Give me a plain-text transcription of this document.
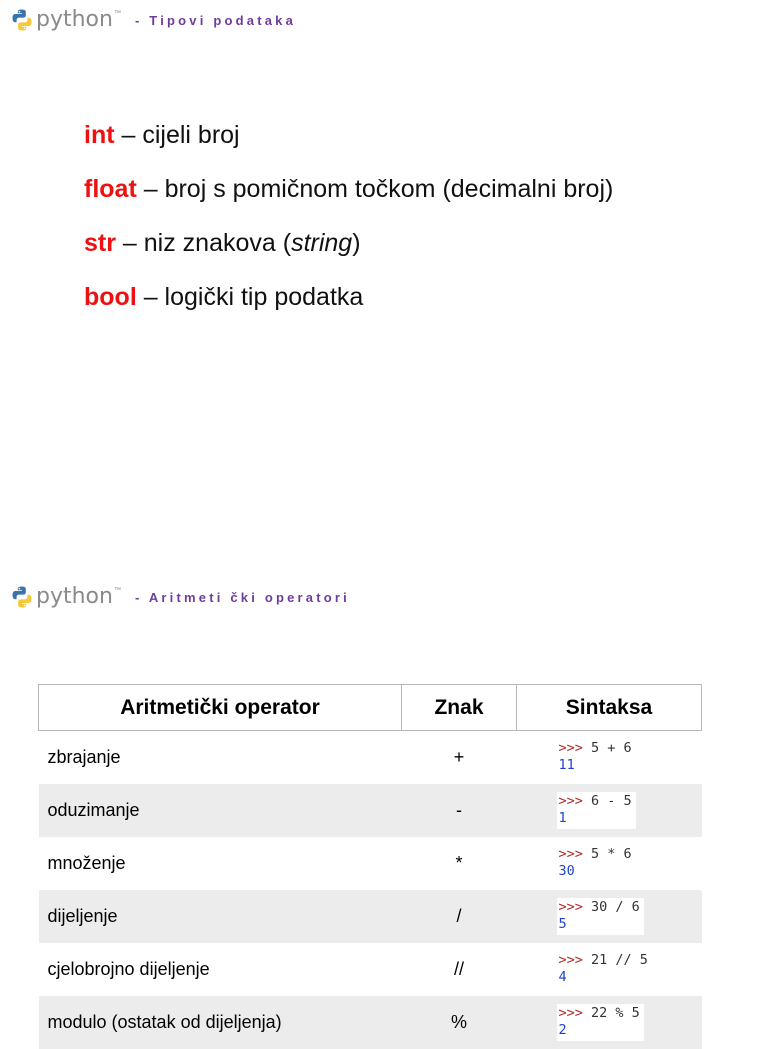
python ™ - Tipovi podataka
int – cijeli broj
float – broj s pomičnom točkom (decimalni broj)
str – niz znakova (string)
bool – logički tip podatka
python ™ - Aritmeti čki operatori
Aritmetički operator	Znak	Sintaksa
zbrajanje	+	>>> 5 + 6
11

oduzimanje	-	>>> 6 - 5
1

množenje	*	>>> 5 * 6
30

dijeljenje	/	>>> 30 / 6
5

cjelobrojno dijeljenje	//	>>> 21 // 5
4

modulo (ostatak od dijeljenja)	%	>>> 22 % 5
2
